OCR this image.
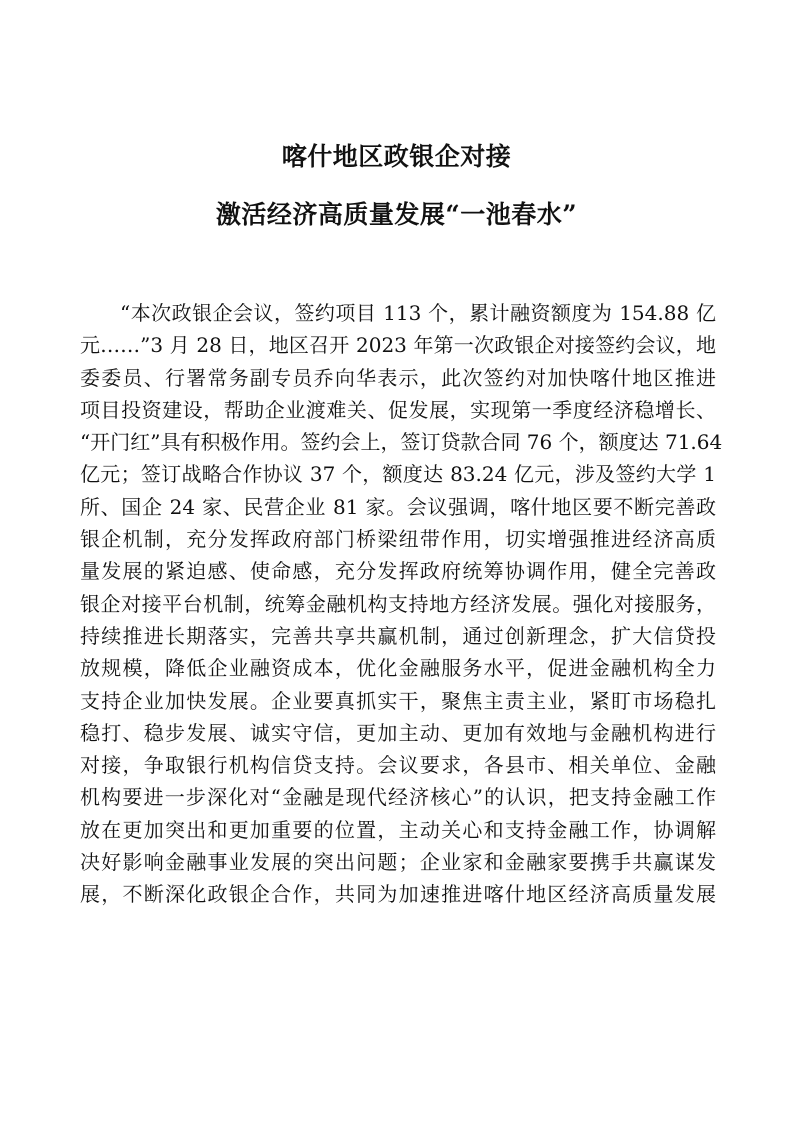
喀什地区政银企对接
激活经济高质量发展“一池春水”
“本次政银企会议，签约项目 113 个，累计融资额度为 154.88 亿
元……”3 月 28 日，地区召开 2023 年第一次政银企对接签约会议，地
委委员、行署常务副专员乔向华表示，此次签约对加快喀什地区推进
项目投资建设，帮助企业渡难关、促发展，实现第一季度经济稳增长、
“开门红”具有积极作用。签约会上，签订贷款合同 76 个，额度达 71.64
亿元；签订战略合作协议 37 个，额度达 83.24 亿元，涉及签约大学 1
所、国企 24 家、民营企业 81 家。会议强调，喀什地区要不断完善政
银企机制，充分发挥政府部门桥梁纽带作用，切实增强推进经济高质
量发展的紧迫感、使命感，充分发挥政府统筹协调作用，健全完善政
银企对接平台机制，统筹金融机构支持地方经济发展。强化对接服务，
持续推进长期落实，完善共享共赢机制，通过创新理念，扩大信贷投
放规模，降低企业融资成本，优化金融服务水平，促进金融机构全力
支持企业加快发展。企业要真抓实干，聚焦主责主业，紧盯市场稳扎
稳打、稳步发展、诚实守信，更加主动、更加有效地与金融机构进行
对接，争取银行机构信贷支持。会议要求，各县市、相关单位、金融
机构要进一步深化对“金融是现代经济核心”的认识，把支持金融工作
放在更加突出和更加重要的位置，主动关心和支持金融工作，协调解
决好影响金融事业发展的突出问题；企业家和金融家要携手共赢谋发
展，不断深化政银企合作，共同为加速推进喀什地区经济高质量发展
